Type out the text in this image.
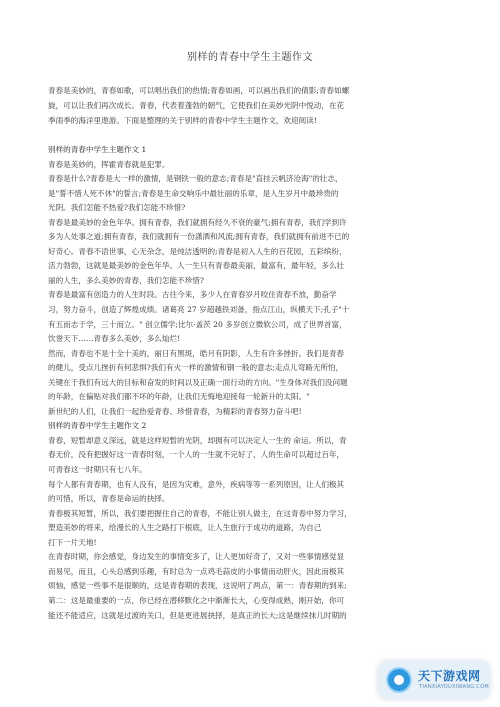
别样的青春中学生主题作文

青春是美妙的，青春如歌，可以唱出我们的热情;青春如画，可以画出我们的倩影;青春如螺

旋，可以让我们再次成长。青春，代表着蓬勃的朝气，它使我们在美妙光阴中悦动，在花

季雨季的海洋里遨游。下面是整理的关于别样的青春中学生主题作文，欢迎阅读!

别样的青春中学生主题作文 1

青春是美妙的，挥霍青春就是犯罪。

青春是什么?青春是大一样的激情，是钢铁一般的意志;青春是"直挂云帆济沧海"的壮志，

是"誓不惜人死不休"的誓言;青春是生命交响乐中最壮丽的乐章，是人生岁月中最珍贵的

光阴。我们怎能不热爱?我们怎能不珍惜?

青春是最美妙的金色年华。拥有青春，我们就拥有经久不衰的豪气;拥有青春，我们学到许

多为人处事之道;拥有青春，我们就拥有一份潇洒和风流;拥有青春，我们就拥有前进不已的

好奇心。青春不语世事，心无杂念，是纯洁透明的;青春是初入人生的百花园，五彩缤纷，

活力勃勃，这就是最美妙的金色年华。人一生只有青春最美丽，最富有，最年轻，多么壮

丽的人生，多么美妙的青春，我们怎能不珍惜?

青春是最富有创造力的人生时段。古往今来，多少人在青春岁月咬住青春不放，勤奋学

习，努力奋斗，创造了辉煌成绩。诸葛亮 27 岁超越铁刘备，指点江山，纵横天下;孔子"十

有五而志于学，三十而立。" 创立儒学;比尔·盖茨 20 多岁创立微软公司，成了世界首富，

饮誉天下……青春多么美妙，多么灿烂!

然而，青春也不是十全十美的，丽日有黑斑，皓月有阴影，人生有许多挫折。我们是青春

的健儿，受点儿挫折有何悲惧?我们有火一样的激情和钢一般的意志;走点儿弯路无所怕，

关键在于我们有远大的目标和奋发的时间以及正确一面行动的方向。"生身体对我们没问题

的年龄，在偏贴对我们都不坏的年龄，让我们无悔地迎接每一轮新升的太阳。"

新世纪的人们，让我们一起热爱青春、珍惜青春，为精彩的青春努力奋斗吧!

别样的青春中学生主题作文 2

青春，短暂却意义深远，就是这样短暂的光阴，却拥有可以决定人一生的 命运。所以，青

春无价，没有把握好这一青春时刻，一个人的一生就不完好了，人的生命可以超过百年，

可青春这一时期只有七八年。

每个人都有青春期，也有人没有，是因为灾难，意外，疾病等等一系列原因，让人们极其

的可惜，所以，青春是命运的抉择。

青春极其短暂，所以，我们要把握住自己的青春，不能让别人做主，在这青春中努力学习，

塑造美妙的将来，给漫长的人生之路打下根底，让人生旅行于成功的道路，为自己

打下一片天地!

在青春时期，你会感觉，身边发生的事情变多了，让人更加好奇了，又对一些事情感觉显

而易见，而且，心头总感到乐趣，有时总为一点鸡毛蒜皮的小事情而动肝火，因此而极其

烦恼，感觉一些事不是很顺的，这是青春期的表现，这说明了两点，第一：青春期的到来;

第二：这是最重要的一点，你已经在潜移默化之中渐渐长大，心变得成熟，刚开始，你可

能还不能适应，这就是过渡的关口，但是更进展抉择，是真正的长大;这是继续抹儿时期的

天下游戏网
TIANXIAYOUXIWANG.COM
